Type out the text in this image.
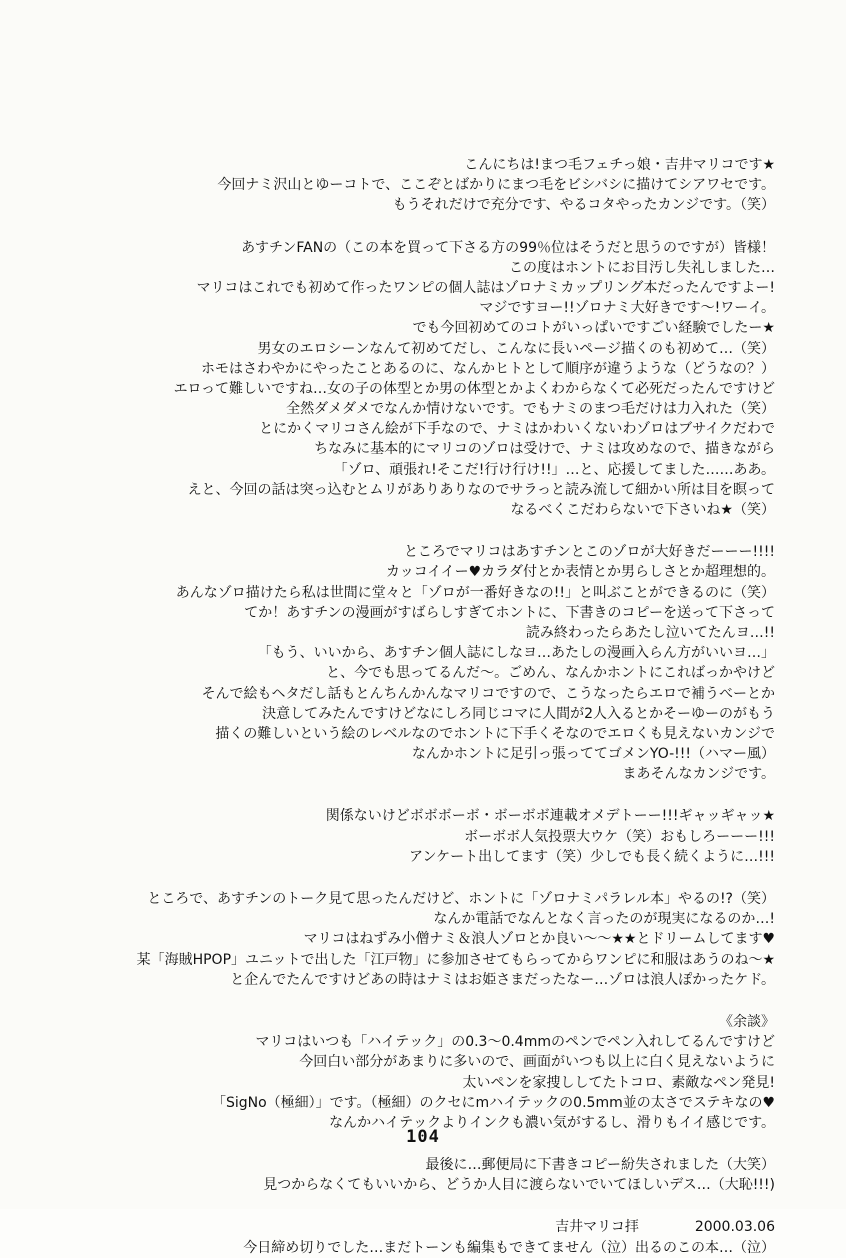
こんにちは!まつ毛フェチっ娘・吉井マリコです★
今回ナミ沢山とゆーコトで、ここぞとばかりにまつ毛をビシバシに描けてシアワセです。
もうそれだけで充分です、やるコタやったカンジです。（笑）
あすチンFANの（この本を買って下さる方の99％位はそうだと思うのですが）皆様！
この度はホントにお目汚し失礼しました…
マリコはこれでも初めて作ったワンピの個人誌はゾロナミカップリング本だったんですよー!
マジですヨー!!ゾロナミ大好きです〜!ワーイ。
でも今回初めてのコトがいっぱいですごい経験でしたー★
男女のエロシーンなんて初めてだし、こんなに長いページ描くのも初めて…（笑）
ホモはさわやかにやったことあるのに、なんかヒトとして順序が違うような（どうなの？）
エロって難しいですね…女の子の体型とか男の体型とかよくわからなくて必死だったんですけど
全然ダメダメでなんか情けないです。でもナミのまつ毛だけは力入れた（笑）
とにかくマリコさん絵が下手なので、ナミはかわいくないわゾロはブサイクだわで
ちなみに基本的にマリコのゾロは受けで、ナミは攻めなので、描きながら
「ゾロ、頑張れ!そこだ!行け行け!!」…と、応援してました……ああ。
えと、今回の話は突っ込むとムリがありありなのでサラっと読み流して細かい所は目を瞑って
なるべくこだわらないで下さいね★（笑）
ところでマリコはあすチンとこのゾロが大好きだーーー!!!!
カッコイイー♥カラダ付とか表情とか男らしさとか超理想的。
あんなゾロ描けたら私は世間に堂々と「ゾロが一番好きなの!!」と叫ぶことができるのに（笑）
てか！あすチンの漫画がすばらしすぎてホントに、下書きのコピーを送って下さって
読み終わったらあたし泣いてたんヨ…!!
「もう、いいから、あすチン個人誌にしなヨ…あたしの漫画入らん方がいいヨ…」
と、今でも思ってるんだ〜。ごめん、なんかホントにこればっかやけど
そんで絵もヘタだし話もとんちんかんなマリコですので、こうなったらエロで補うべーとか
決意してみたんですけどなにしろ同じコマに人間が2人入るとかそーゆーのがもう
描くの難しいという絵のレベルなのでホントに下手くそなのでエロくも見えないカンジで
なんかホントに足引っ張っててゴメンYO-!!!（ハマー風）
まあそんなカンジです。
関係ないけどボボボーボ・ボーボボ連載オメデトーー!!!ギャッギャッ★
ボーボボ人気投票大ウケ（笑）おもしろーーー!!!
アンケート出してます（笑）少しでも長く続くように…!!!
ところで、あすチンのトーク見て思ったんだけど、ホントに「ゾロナミパラレル本」やるの!?（笑）
なんか電話でなんとなく言ったのが現実になるのか…!
マリコはねずみ小僧ナミ＆浪人ゾロとか良い〜〜★★とドリームしてます♥
某「海賊HPOP」ユニットで出した「江戸物」に参加させてもらってからワンピに和服はあうのね〜★
と企んでたんですけどあの時はナミはお姫さまだったなー…ゾロは浪人ぽかったケド。
《余談》
マリコはいつも「ハイテック」の0.3〜0.4mmのペンでペン入れしてるんですけど
今回白い部分があまりに多いので、画面がいつも以上に白く見えないように
太いペンを家捜ししてたトコロ、素敵なペン発見!
「SigNo（極細）」です。（極細）のクセにmハイテックの0.5mm並の太さでステキなの♥
なんかハイテックよりインクも濃い気がするし、滑りもイイ感じです。
最後に…郵便局に下書きコピー紛失されました（大笑）
見つからなくてもいいから、どうか人目に渡らないでいてほしいデス…（大恥!!!)
吉井マリコ拝	2000.03.06
今日締め切りでした…まだトーンも編集もできてません（泣）出るのこの本…（泣）
104
